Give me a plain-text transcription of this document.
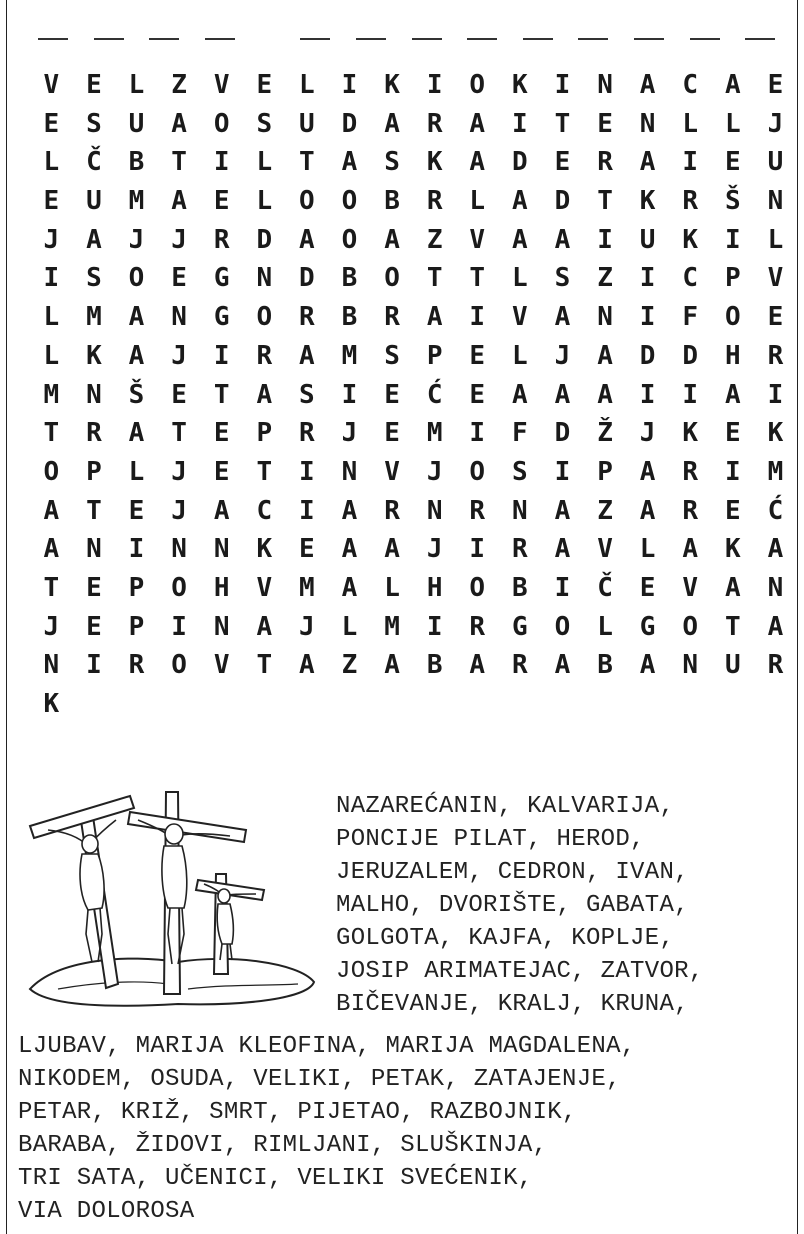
V	E	L	Z	V	E	L	I	K	I	O	K	I	N	A	C	A	E
E	S	U	A	O	S	U	D	A	R	A	I	T	E	N	L	L	J
L	Č	B	T	I	L	T	A	S	K	A	D	E	R	A	I	E	U
E	U	M	A	E	L	O	O	B	R	L	A	D	T	K	R	Š	N
J	A	J	J	R	D	A	O	A	Z	V	A	A	I	U	K	I	L
I	S	O	E	G	N	D	B	O	T	T	L	S	Z	I	C	P	V
L	M	A	N	G	O	R	B	R	A	I	V	A	N	I	F	O	E
L	K	A	J	I	R	A	M	S	P	E	L	J	A	D	D	H	R
M	N	Š	E	T	A	S	I	E	Ć	E	A	A	A	I	I	A	I
T	R	A	T	E	P	R	J	E	M	I	F	D	Ž	J	K	E	K
O	P	L	J	E	T	I	N	V	J	O	S	I	P	A	R	I	M
A	T	E	J	A	C	I	A	R	N	R	N	A	Z	A	R	E	Ć
A	N	I	N	N	K	E	A	A	J	I	R	A	V	L	A	K	A
T	E	P	O	H	V	M	A	L	H	O	B	I	Č	E	V	A	N
J	E	P	I	N	A	J	L	M	I	R	G	O	L	G	O	T	A
N	I	R	O	V	T	A	Z	A	B	A	R	A	B	A	N	U	R
K
NAZAREĆANIN, KALVARIJA,
PONCIJE PILAT, HEROD,
JERUZALEM, CEDRON, IVAN,
MALHO, DVORIŠTE, GABATA,
GOLGOTA, KAJFA, KOPLJE,
JOSIP ARIMATEJAC, ZATVOR,
BIČEVANJE, KRALJ, KRUNA,
LJUBAV, MARIJA KLEOFINA, MARIJA MAGDALENA,
NIKODEM, OSUDA, VELIKI, PETAK, ZATAJENJE,
PETAR, KRIŽ, SMRT, PIJETAO, RAZBOJNIK,
BARABA, ŽIDOVI, RIMLJANI, SLUŠKINJA,
TRI SATA, UČENICI, VELIKI SVEĆENIK,
VIA DOLOROSA
